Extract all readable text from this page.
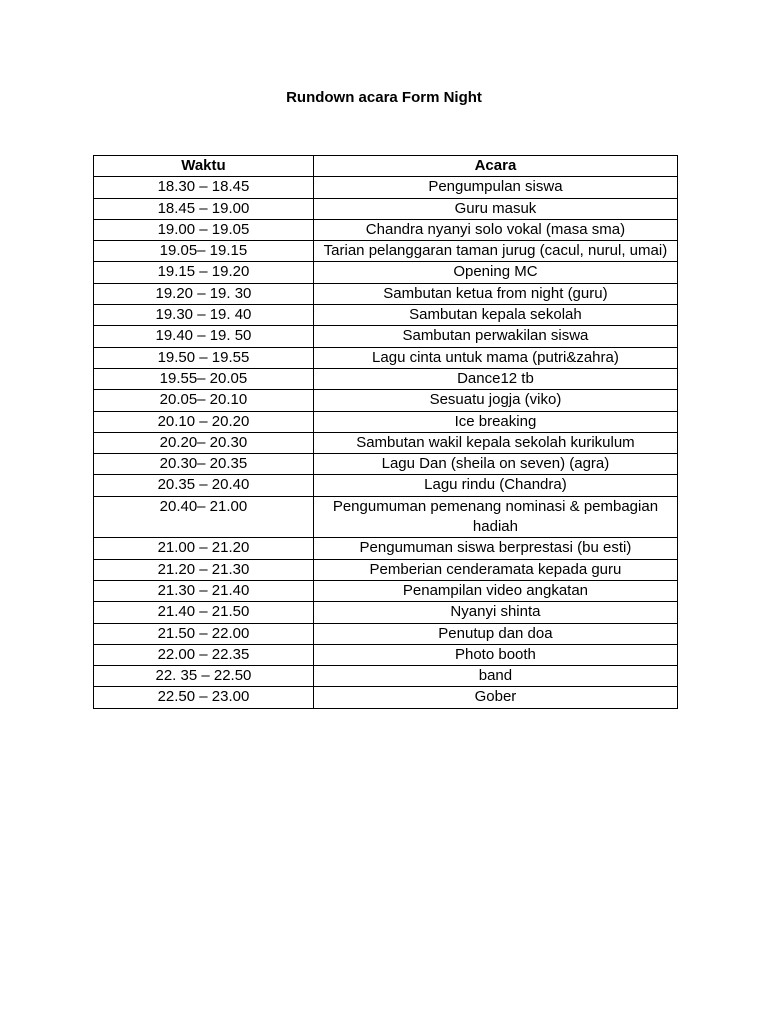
Rundown acara Form Night
Waktu	Acara
18.30 – 18.45	Pengumpulan siswa
18.45 – 19.00	Guru masuk
19.00 – 19.05	Chandra nyanyi solo vokal (masa sma)
19.05– 19.15	Tarian pelanggaran taman jurug (cacul, nurul, umai)
19.15 – 19.20	Opening MC
19.20 – 19. 30	Sambutan ketua from night (guru)
19.30 – 19. 40	Sambutan kepala sekolah
19.40 – 19. 50	Sambutan perwakilan siswa
19.50 – 19.55	Lagu cinta untuk mama (putri&zahra)
19.55– 20.05	Dance12 tb
20.05– 20.10	Sesuatu jogja (viko)
20.10 – 20.20	Ice breaking
20.20– 20.30	Sambutan wakil kepala sekolah kurikulum
20.30– 20.35	Lagu Dan (sheila on seven) (agra)
20.35 – 20.40	Lagu rindu (Chandra)
20.40– 21.00	Pengumuman pemenang nominasi & pembagian hadiah
21.00 – 21.20	Pengumuman siswa berprestasi (bu esti)
21.20 – 21.30	Pemberian cenderamata kepada guru
21.30 – 21.40	Penampilan video angkatan
21.40 – 21.50	Nyanyi shinta
21.50 – 22.00	Penutup dan doa
22.00 – 22.35	Photo booth
22. 35 – 22.50	band
22.50 – 23.00	Gober
